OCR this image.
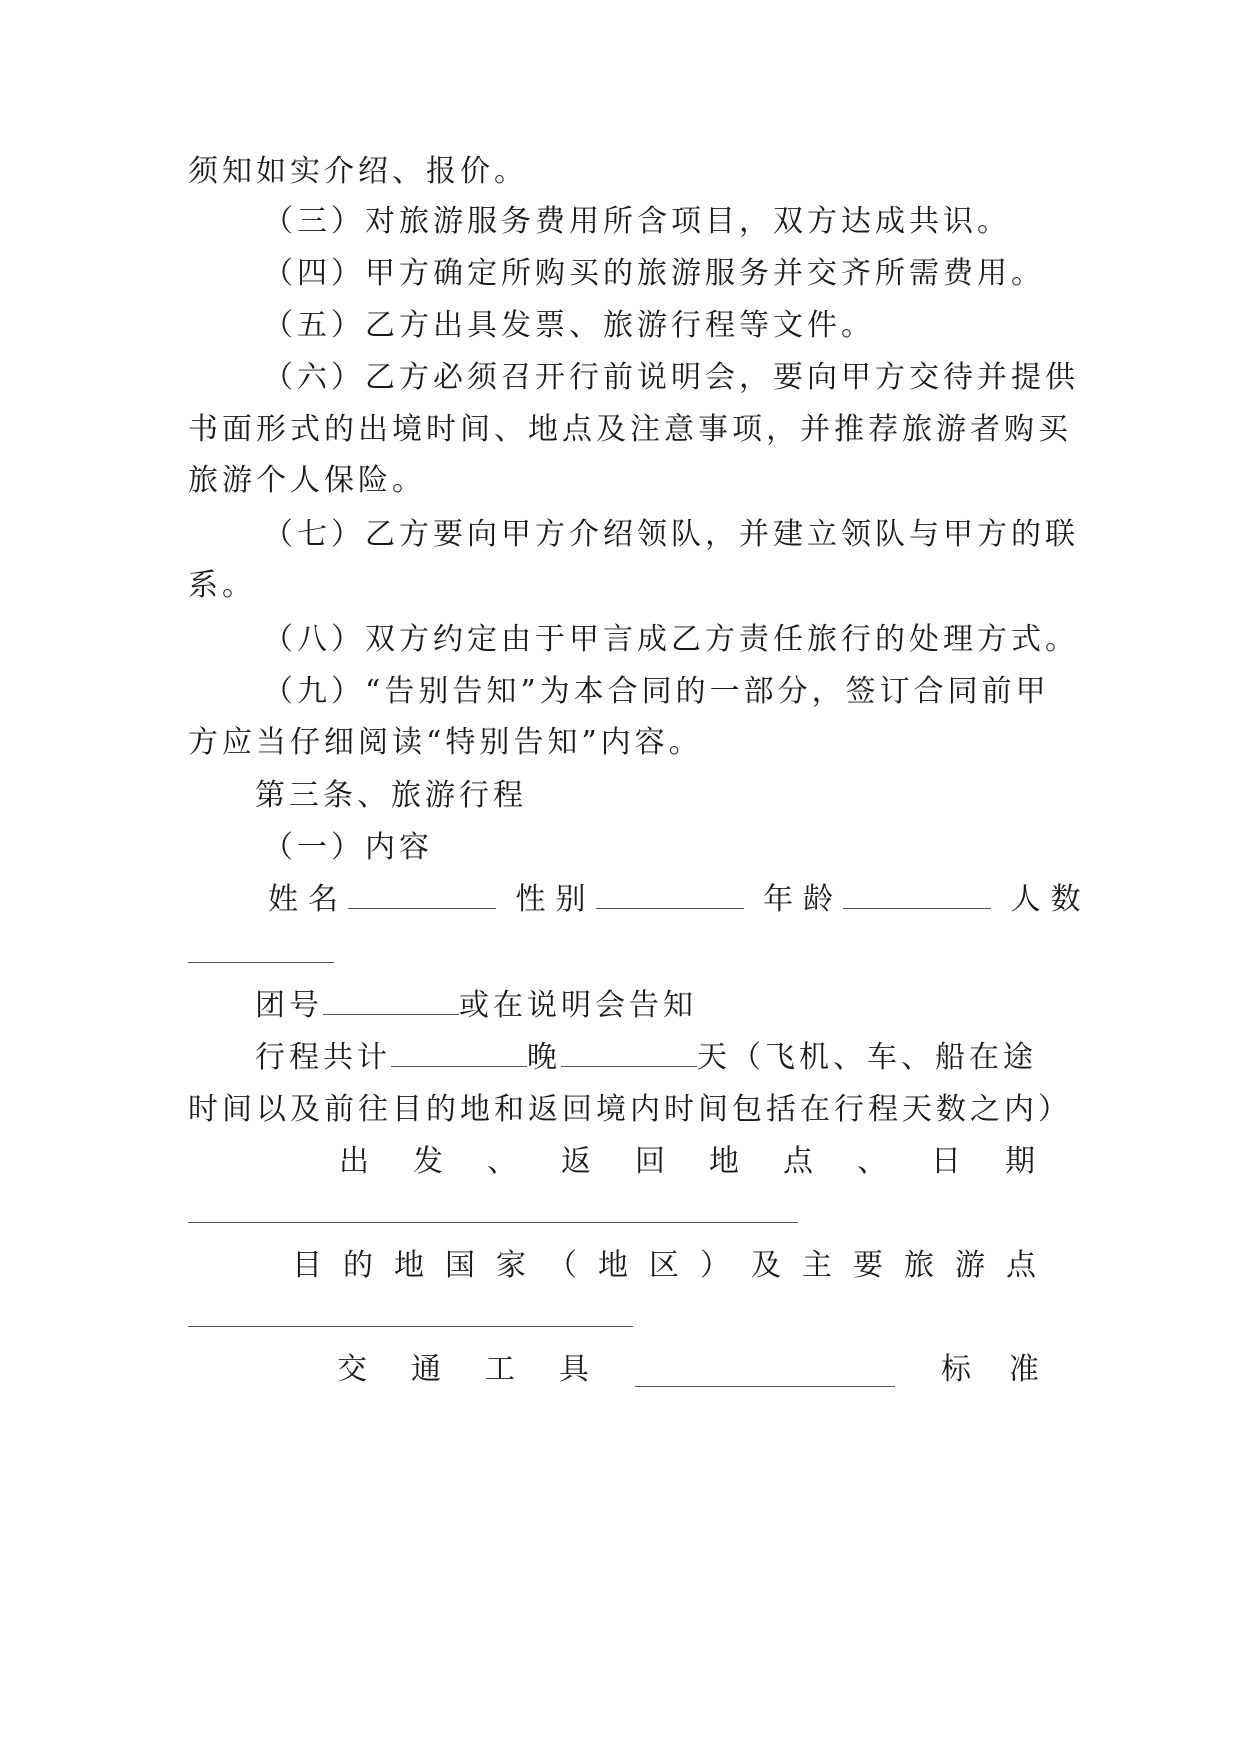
须知如实介绍、报价。
（三）对旅游服务费用所含项目，双方达成共识。
（四）甲方确定所购买的旅游服务并交齐所需费用。
（五）乙方出具发票、旅游行程等文件。
（六）乙方必须召开行前说明会，要向甲方交待并提供
书面形式的出境时间、地点及注意事项，并推荐旅游者购买
旅游个人保险。
（七）乙方要向甲方介绍领队，并建立领队与甲方的联
系。
（八）双方约定由于甲言成乙方责任旅行的处理方式。
（九）“告别告知”为本合同的一部分，签订合同前甲
方应当仔细阅读“特别告知”内容。
第三条、旅游行程
（一）内容
姓名	性别	年龄	人数
团号	或在说明会告知
行程共计	晚	天（飞机、车、船在途
时间以及前往目的地和返回境内时间包括在行程天数之内）
出 发 、 返 回 地 点 、 日 期
目 的 地 国 家 （ 地 区 ） 及 主 要 旅 游 点
交 通 工 具	标 准
